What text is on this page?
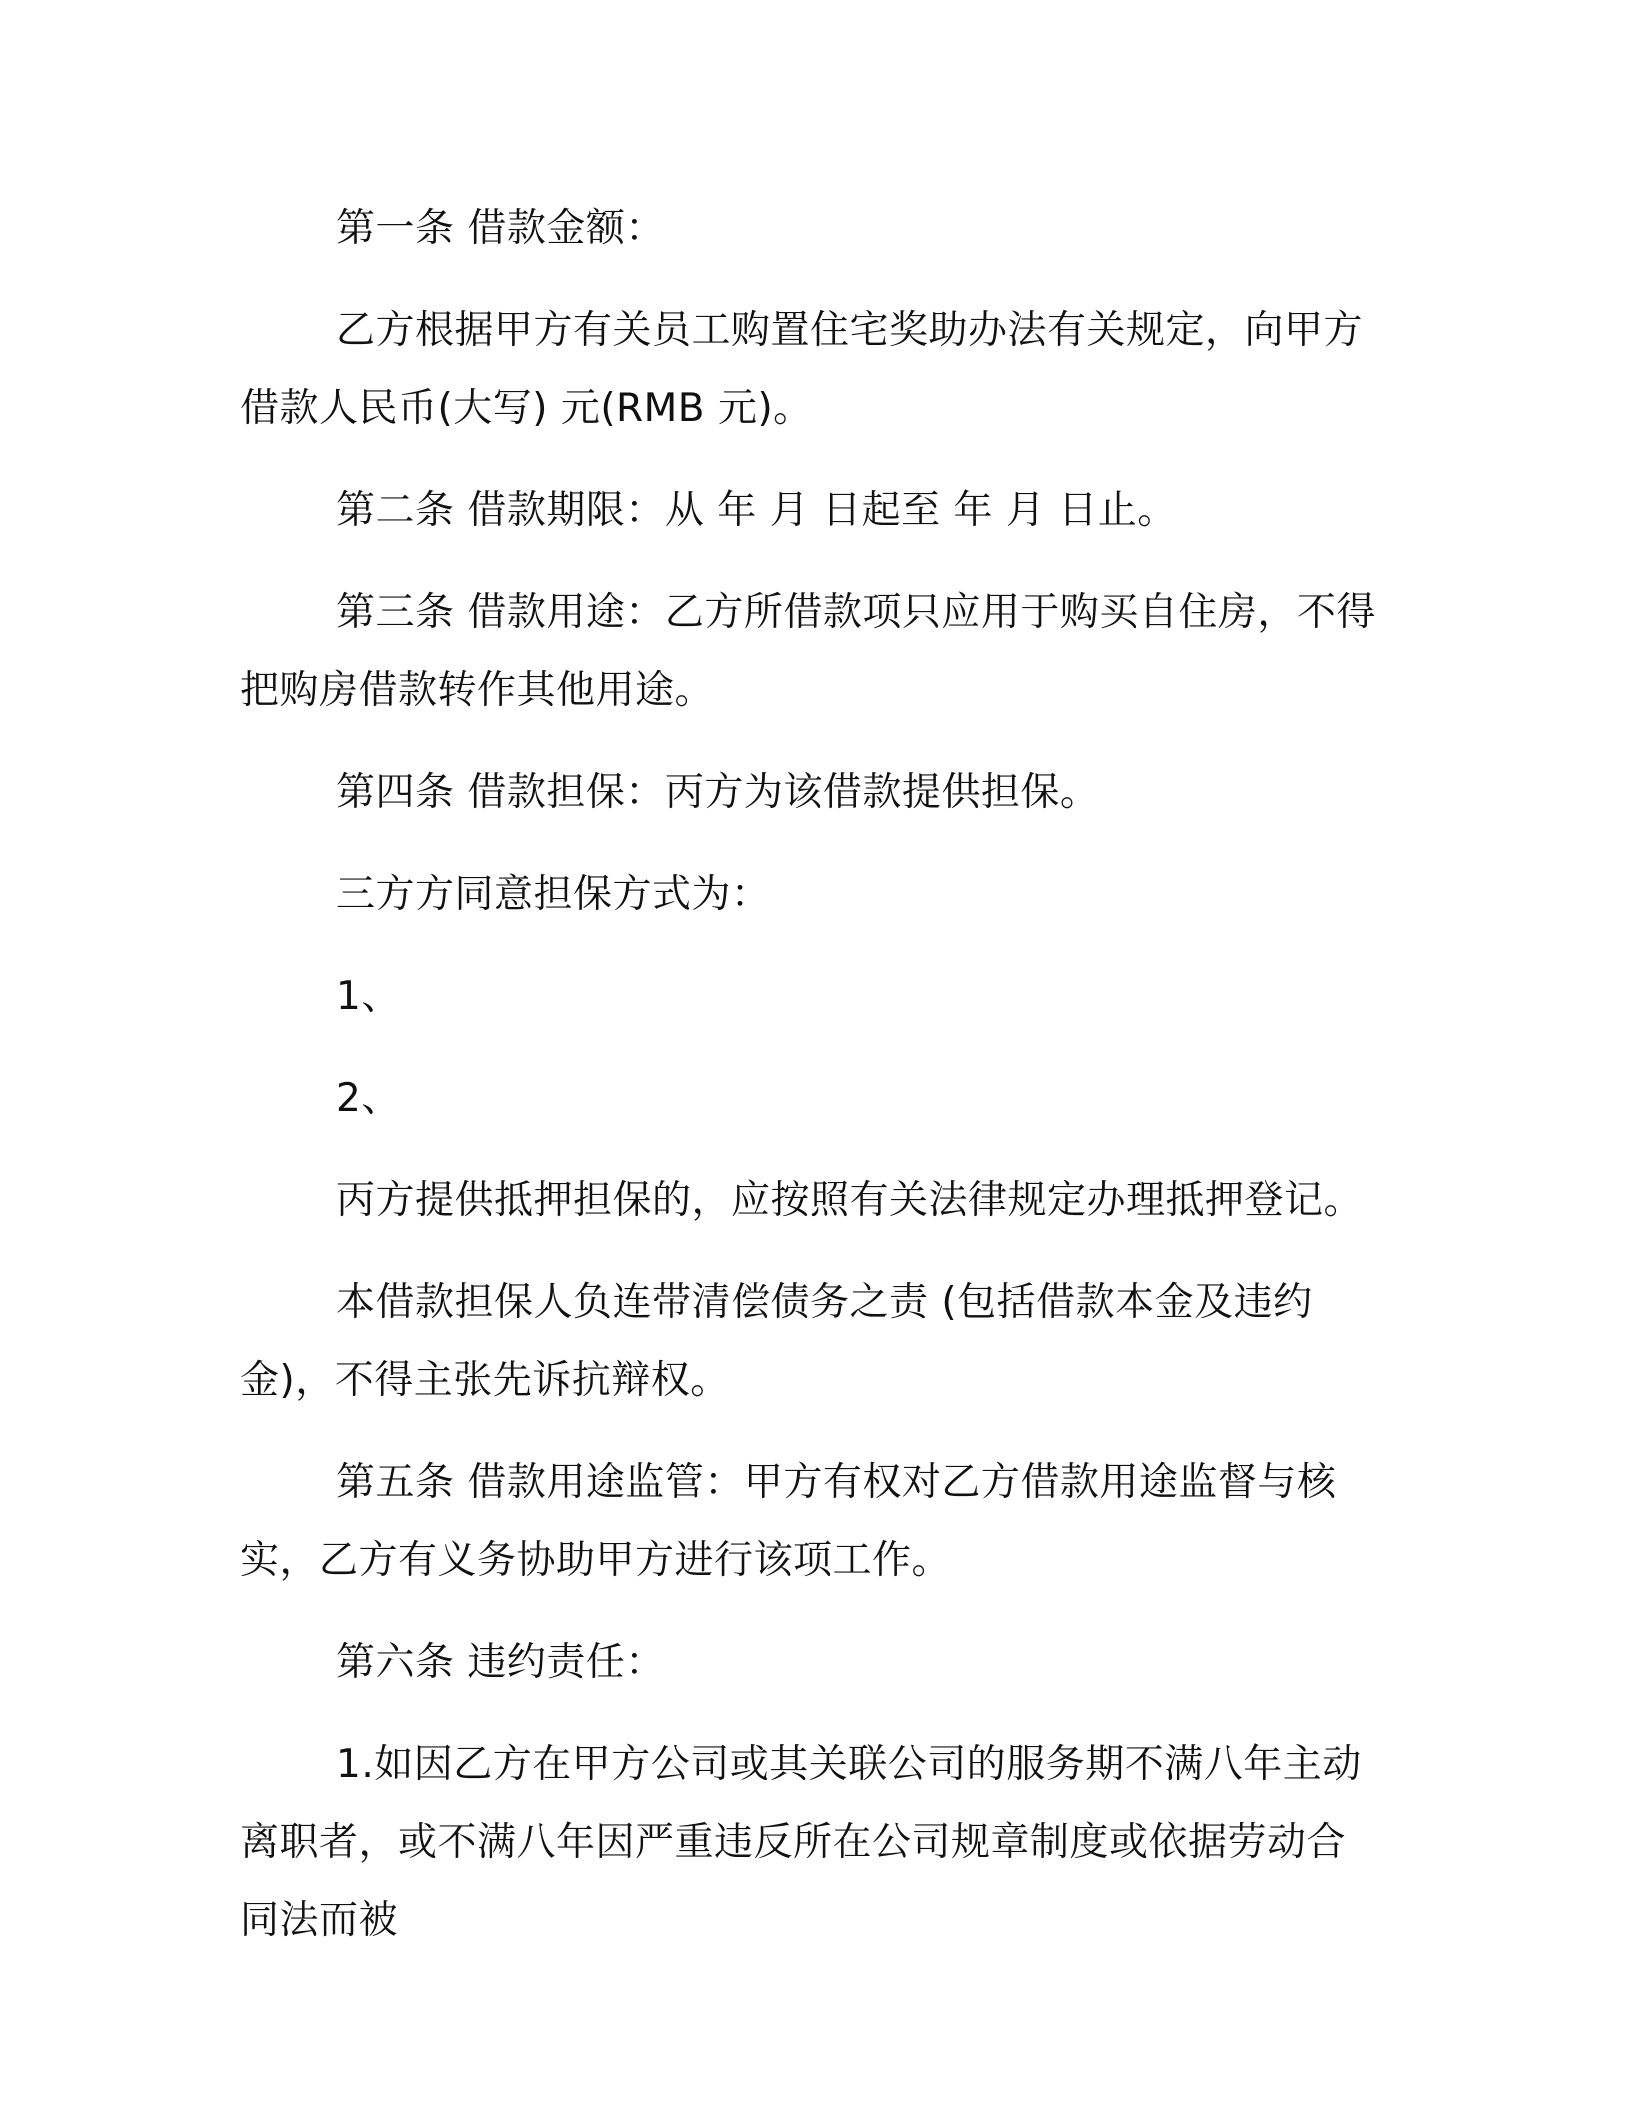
第一条 借款金额：

乙方根据甲方有关员工购置住宅奖助办法有关规定，向甲方借款人民币(大写) 元(RMB 元)。

第二条 借款期限：从 年 月 日起至 年 月 日止。

第三条 借款用途：乙方所借款项只应用于购买自住房，不得把购房借款转作其他用途。

第四条 借款担保：丙方为该借款提供担保。

三方方同意担保方式为：

1、

2、

丙方提供抵押担保的，应按照有关法律规定办理抵押登记。

本借款担保人负连带清偿债务之责 (包括借款本金及违约金)，不得主张先诉抗辩权。

第五条 借款用途监管：甲方有权对乙方借款用途监督与核实，乙方有义务协助甲方进行该项工作。

第六条 违约责任：

1.如因乙方在甲方公司或其关联公司的服务期不满八年主动离职者，或不满八年因严重违反所在公司规章制度或依据劳动合同法而被
